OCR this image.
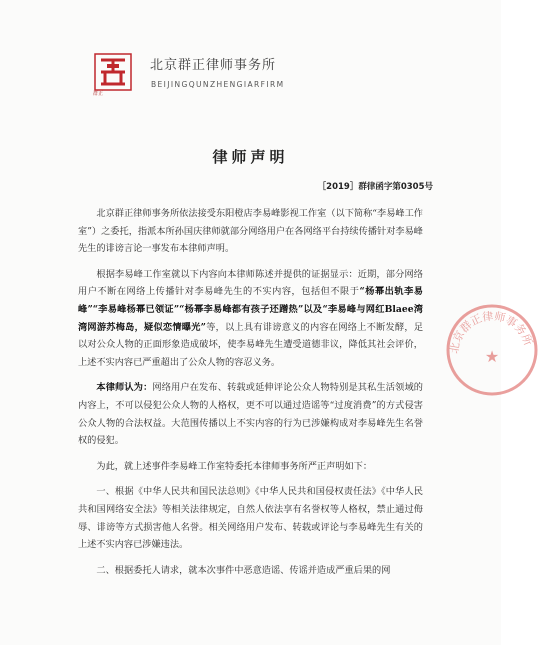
群正
北京群正律师事务所
BEIJINGQUNZHENGIARFIRM
律师声明
［2019］群律函字第0305号

北京群正律师事务所依法接受东阳橙店李易峰影视工作室（以下简称“李易峰工作室”）之委托，指派本所孙国庆律师就部分网络用户在各网络平台持续传播针对李易峰先生的诽谤言论一事发布本律师声明。

根据李易峰工作室就以下内容向本律师陈述并提供的证据显示：近期，部分网络用户不断在网络上传播针对李易峰先生的不实内容，包括但不限于“杨幂出轨李易峰”“李易峰杨幂已领证”“杨幂李易峰都有孩子还蹭热”以及“李易峰与网红Blaee湾湾网游苏梅岛，疑似恋情曝光”等，以上具有诽谤意义的内容在网络上不断发酵，足以对公众人物的正面形象造成破坏，使李易峰先生遭受道德非议，降低其社会评价，上述不实内容已严重超出了公众人物的容忍义务。

本律师认为：网络用户在发布、转载或延伸评论公众人物特别是其私生活领域的内容上，不可以侵犯公众人物的人格权，更不可以通过造谣等“过度消费”的方式侵害公众人物的合法权益。大范围传播以上不实内容的行为已涉嫌构成对李易峰先生名誉权的侵犯。

为此，就上述事件李易峰工作室特委托本律师事务所严正声明如下：

一、根据《中华人民共和国民法总则》《中华人民共和国侵权责任法》《中华人民共和国网络安全法》等相关法律规定，自然人依法享有名誉权等人格权，禁止通过侮辱、诽谤等方式损害他人名誉。相关网络用户发布、转载或评论与李易峰先生有关的上述不实内容已涉嫌违法。

二、根据委托人请求，就本次事件中恶意造谣、传谣并造成严重后果的网

北京群正律师事务所
★
